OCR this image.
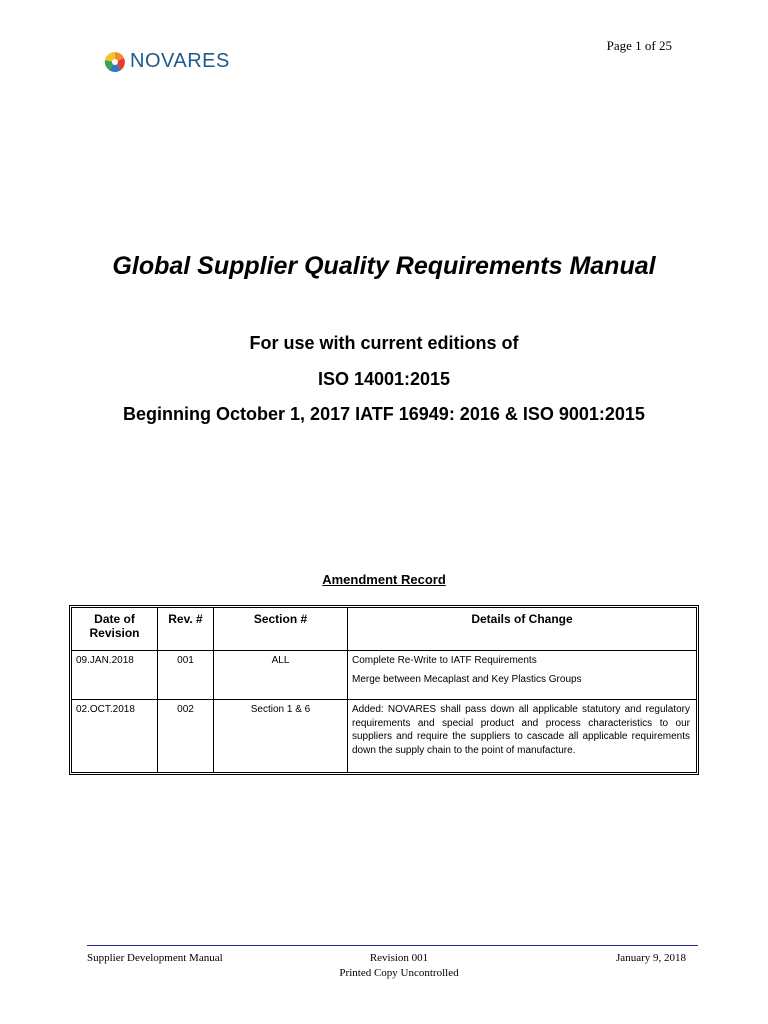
NOVARES
Page 1 of 25
Global Supplier Quality Requirements Manual
For use with current editions of
ISO 14001:2015
Beginning October 1, 2017 IATF 16949: 2016 & ISO 9001:2015
Amendment Record
Date of Revision	Rev. #	Section #	Details of Change
09.JAN.2018	001	ALL	Complete Re-Write to IATF Requirements

Merge between Mecaplast and Key Plastics Groups

02.OCT.2018	002	Section 1 & 6	Added: NOVARES shall pass down all applicable statutory and regulatory requirements and special product and process characteristics to our suppliers and require the suppliers to cascade all applicable requirements down the supply chain to the point of manufacture.

Supplier Development Manual	Revision 001
Printed Copy Uncontrolled
January 9, 2018
